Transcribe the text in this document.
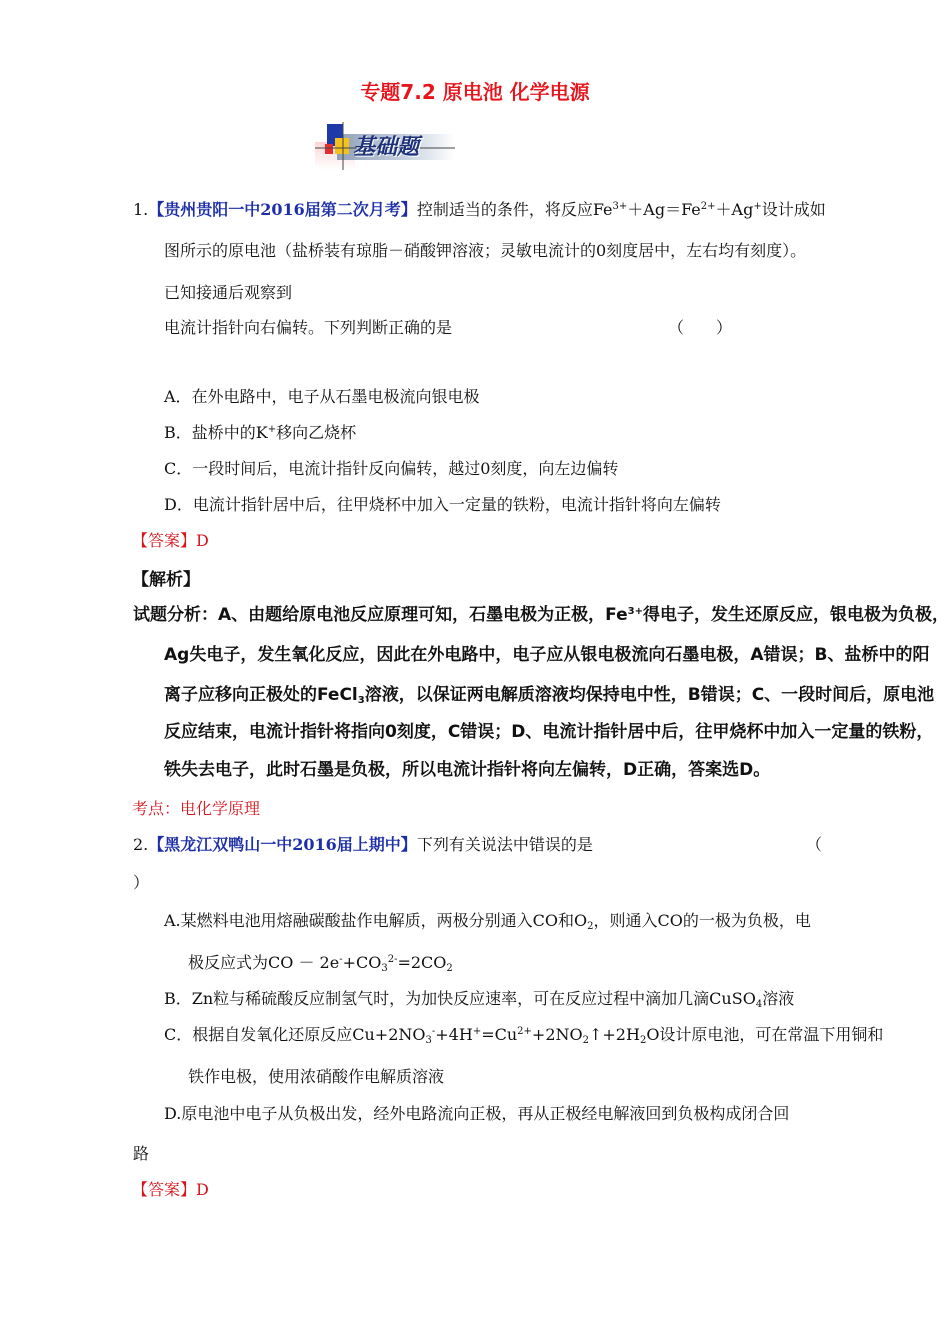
专题7.2 原电池 化学电源
基础题
1.【贵州贵阳一中2016届第二次月考】控制适当的条件，将反应$Fe^{3+}+Ag=Fe^{2+}+Ag^+$设计成如
图所示的原电池（盐桥装有琼脂－硝酸钾溶液；灵敏电流计的0刻度居中，左右均有刻度）。
已知接通后观察到
电流计指针向右偏转。下列判断正确的是	（　　）
A．在外电路中，电子从石墨电极流向银电极
B．盐桥中的K+移向乙烧杯
C．一段时间后，电流计指针反向偏转，越过0刻度，向左边偏转
D．电流计指针居中后，往甲烧杯中加入一定量的铁粉，电流计指针将向左偏转
【答案】D
【解析】
试题分析：A、由题给原电池反应原理可知，石墨电极为正极，$Fe^{3+}$得电子，发生还原反应，银电极为负极，
Ag失电子，发生氧化反应，因此在外电路中，电子应从银电极流向石墨电极，A错误；B、盐桥中的阳
离子应移向正极处的FeCl$_3$溶液，以保证两电解质溶液均保持电中性，B错误；C、一段时间后，原电池
反应结束，电流计指针将指向0刻度，C错误；D、电流计指针居中后，往甲烧杯中加入一定量的铁粉，
铁失去电子，此时石墨是负极，所以电流计指针将向左偏转，D正确，答案选D。
考点：电化学原理
2.【黑龙江双鸭山一中2016届上期中】下列有关说法中错误的是	（
）
A.某燃料电池用熔融碳酸盐作电解质，两极分别通入CO和$O_2$，则通入CO的一极为负极，电
极反应式为CO － $2e^-+CO_3^{2-}=2CO_2$
B．Zn粒与稀硫酸反应制氢气时，为加快反应速率，可在反应过程中滴加几滴CuSO$_4$溶液
C．根据自发氧化还原反应$Cu+2NO_3^-+4H^+=Cu^{2+}+2NO_2↑+2H_2O$设计原电池，可在常温下用铜和
铁作电极，使用浓硝酸作电解质溶液
D.原电池中电子从负极出发，经外电路流向正极，再从正极经电解液回到负极构成闭合回
路
【答案】D
